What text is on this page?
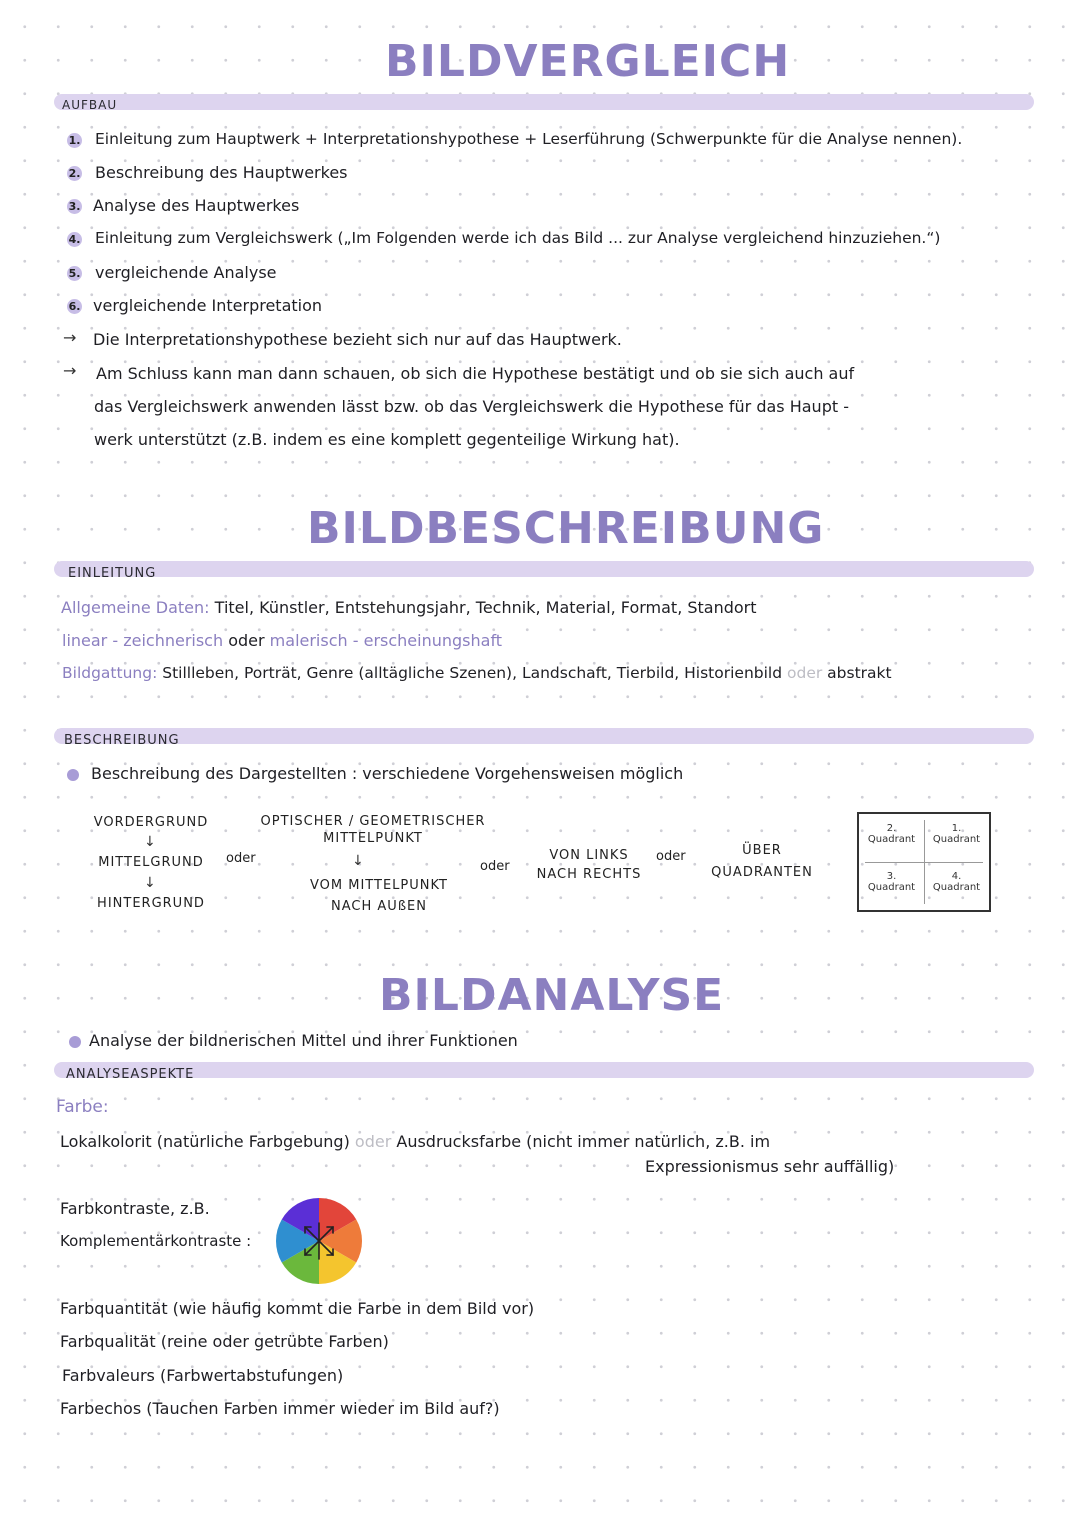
BILDVERGLEICH
AUFBAU
1. Einleitung zum Hauptwerk + Interpretationshypothese + Leserführung (Schwerpunkte für die Analyse nennen).
2. Beschreibung des Hauptwerkes
3. Analyse des Hauptwerkes
4. Einleitung zum Vergleichswerk („Im Folgenden werde ich das Bild ... zur Analyse vergleichend hinzuziehen.“)
5. vergleichende Analyse
6. vergleichende Interpretation
→ Die Interpretationshypothese bezieht sich nur auf das Hauptwerk.
→ Am Schluss kann man dann schauen, ob sich die Hypothese bestätigt und ob sie sich auch auf
das Vergleichswerk anwenden lässt bzw. ob das Vergleichswerk die Hypothese für das Haupt -
werk unterstützt (z.B. indem es eine komplett gegenteilige Wirkung hat).
BILDBESCHREIBUNG
EINLEITUNG
Allgemeine Daten: Titel, Künstler, Entstehungsjahr, Technik, Material, Format, Standort
linear - zeichnerisch oder malerisch - erscheinungshaft
Bildgattung: Stillleben, Porträt, Genre (alltägliche Szenen), Landschaft, Tierbild, Historienbild oder abstrakt
BESCHREIBUNG
Beschreibung des Dargestellten : verschiedene Vorgehensweisen möglich
VORDERGRUND
↓
MITTELGRUND
↓
HINTERGRUND
oder
OPTISCHER / GEOMETRISCHER
MITTELPUNKT
↓
VOM MITTELPUNKT
NACH AUßEN
oder
VON LINKS
NACH RECHTS
oder	ÜBER
QUADRANTEN
2.
Quadrant
1.
Quadrant
3.
Quadrant
4.
Quadrant
BILDANALYSE
Analyse der bildnerischen Mittel und ihrer Funktionen
ANALYSEASPEKTE
Farbe:
Lokalkolorit (natürliche Farbgebung) oder Ausdrucksfarbe (nicht immer natürlich, z.B. im
Expressionismus sehr auffällig)
Farbkontraste, z.B.
Komplementärkontraste :
Farbquantität (wie häufig kommt die Farbe in dem Bild vor)
Farbqualität (reine oder getrübte Farben)
Farbvaleurs (Farbwertabstufungen)
Farbechos (Tauchen Farben immer wieder im Bild auf?)
